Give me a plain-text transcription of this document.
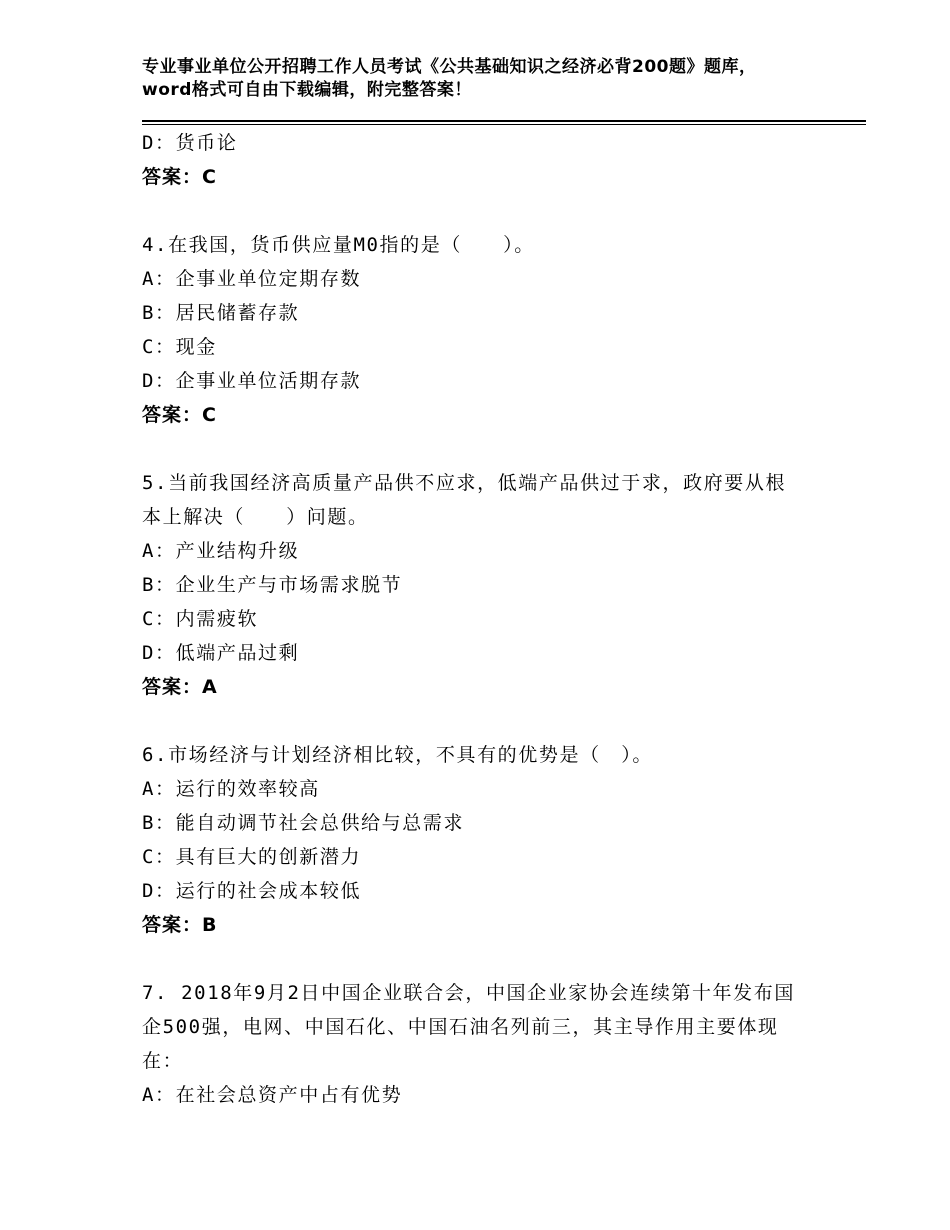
专业事业单位公开招聘工作人员考试《公共基础知识之经济必背200题》题库，word格式可自由下载编辑，附完整答案！
D：货币论
答案：C
4.在我国，货币供应量M0指的是（　　）。
A：企事业单位定期存数
B：居民储蓄存款
C：现金
D：企事业单位活期存款
答案：C
5.当前我国经济高质量产品供不应求，低端产品供过于求，政府要从根本上解决（　　）问题。
A：产业结构升级
B：企业生产与市场需求脱节
C：内需疲软
D：低端产品过剩
答案：A
6.市场经济与计划经济相比较，不具有的优势是（　）。
A：运行的效率较高
B：能自动调节社会总供给与总需求
C：具有巨大的创新潜力
D：运行的社会成本较低
答案：B
7. 2018年9月2日中国企业联合会，中国企业家协会连续第十年发布国企500强，电网、中国石化、中国石油名列前三，其主导作用主要体现在：
A：在社会总资产中占有优势
